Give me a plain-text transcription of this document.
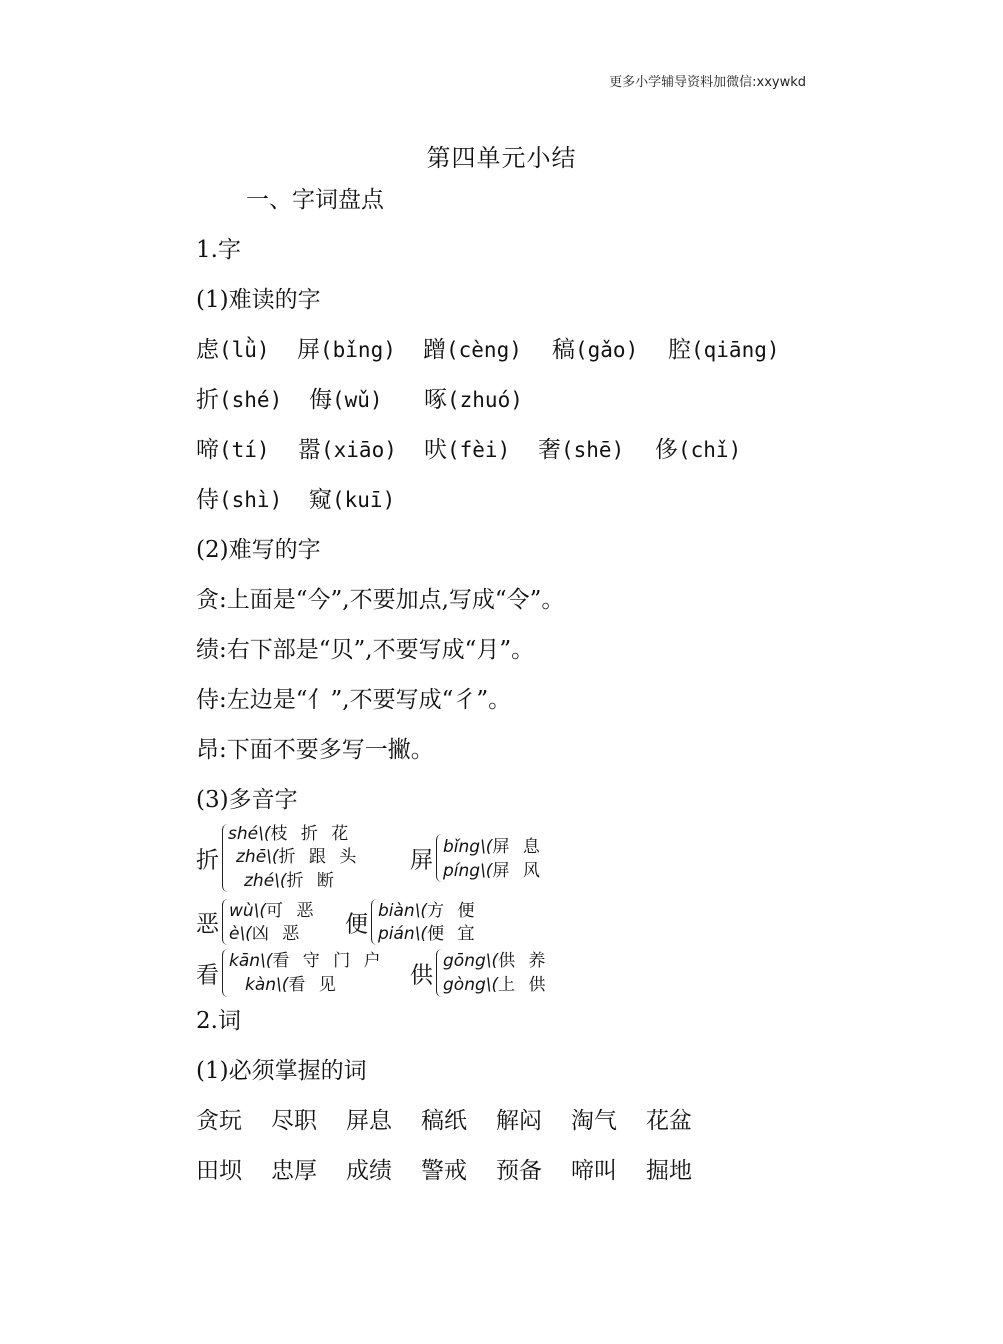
更多小学辅导资料加微信:xxywkd
第四单元小结
一、字词盘点
1.字
(1)难读的字
虑(lǜ) 屏(bǐng) 蹭(cèng) 稿(gǎo) 腔(qiāng)
折(shé) 侮(wǔ) 啄(zhuó)
啼(tí) 嚣(xiāo) 吠(fèi) 奢(shē) 侈(chǐ)
侍(shì) 窥(kuī)
(2)难写的字
贪:上面是“今”,不要加点,写成“令”。
绩:右下部是“贝”,不要写成“月”。
侍:左边是“亻”,不要写成“彳”。
昂:下面不要多写一撇。
(3)多音字
折
shé\(枝 折 花
zhē\(折 跟 头
zhé\(折 断
屏
bǐng\(屏 息
píng\(屏 风
恶
wù\(可 恶
è\(凶 恶 便
biàn\(方 便
pián\(便 宜
看
kān\(看 守 门 户
kàn\(看 见	供
gōng\(供 养
gòng\(上 供
2.词
(1)必须掌握的词
贪玩 尽职 屏息 稿纸 解闷 淘气 花盆
田坝 忠厚 成绩 警戒 预备 啼叫 掘地
